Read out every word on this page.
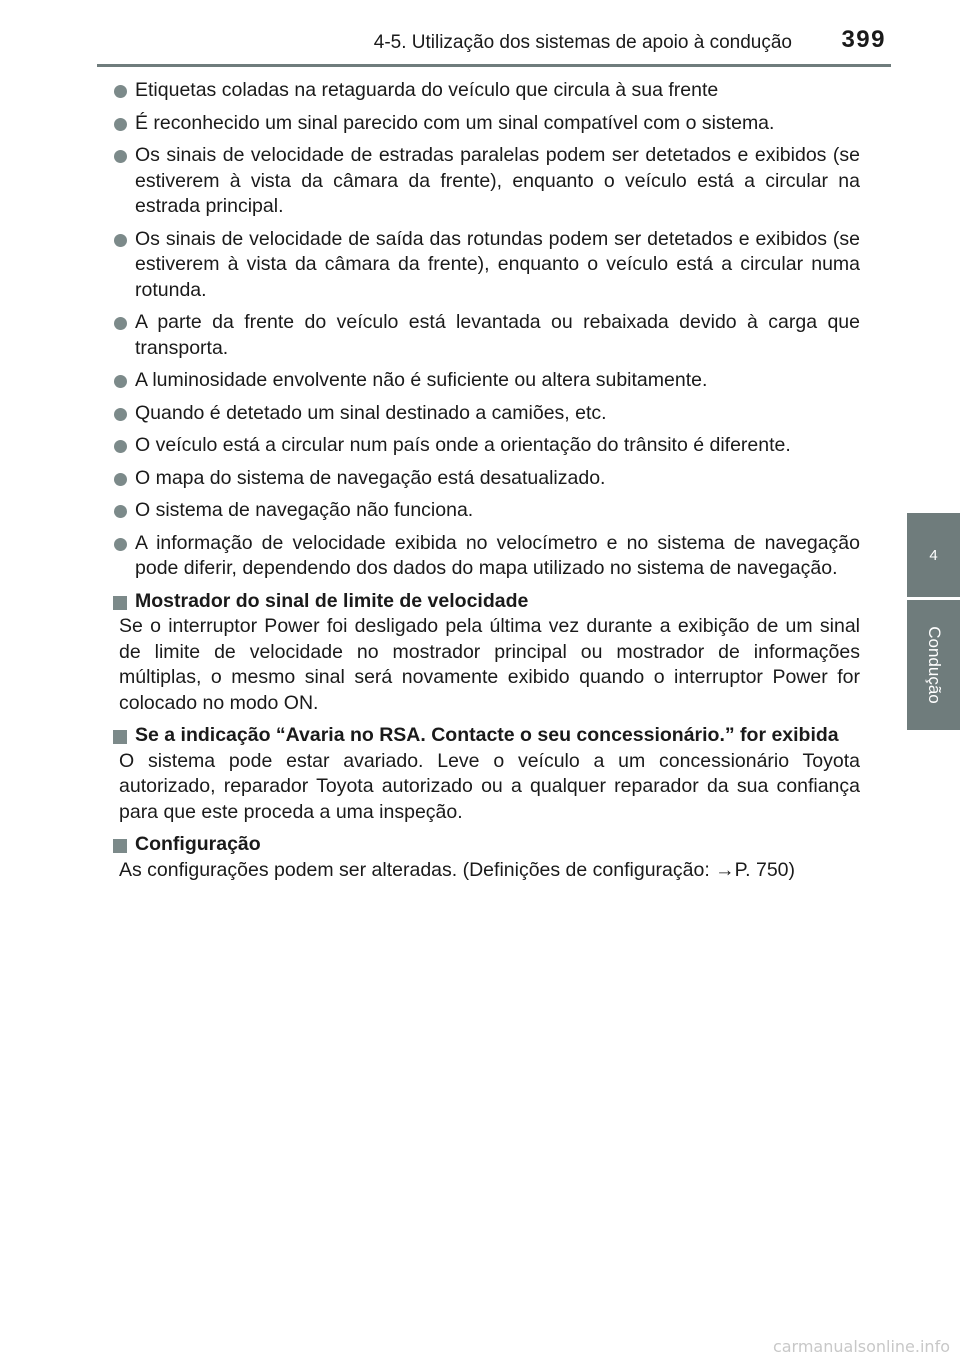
4-5. Utilização dos sistemas de apoio à condução 399
4
Condução
Etiquetas coladas na retaguarda do veículo que circula à sua frente
É reconhecido um sinal parecido com um sinal compatível com o sistema.
Os sinais de velocidade de estradas paralelas podem ser detetados e exibidos (se estiverem à vista da câmara da frente), enquanto o veículo está a circular na estrada principal.
Os sinais de velocidade de saída das rotundas podem ser detetados e exibidos (se estiverem à vista da câmara da frente), enquanto o veículo está a circular numa rotunda.
A parte da frente do veículo está levantada ou rebaixada devido à carga que transporta.
A luminosidade envolvente não é suficiente ou altera subitamente.
Quando é detetado um sinal destinado a camiões, etc.
O veículo está a circular num país onde a orientação do trânsito é diferente.
O mapa do sistema de navegação está desatualizado.
O sistema de navegação não funciona.
A informação de velocidade exibida no velocímetro e no sistema de navegação pode diferir, dependendo dos dados do mapa utilizado no sistema de navegação.
Mostrador do sinal de limite de velocidade
Se o interruptor Power foi desligado pela última vez durante a exibição de um sinal de limite de velocidade no mostrador principal ou mostrador de informações múltiplas, o mesmo sinal será novamente exibido quando o interruptor Power for colocado no modo ON.
Se a indicação “Avaria no RSA. Contacte o seu concessionário.” for exibida
O sistema pode estar avariado. Leve o veículo a um concessionário Toyota autorizado, reparador Toyota autorizado ou a qualquer reparador da sua confiança para que este proceda a uma inspeção.
Configuração
As configurações podem ser alteradas. (Definições de configuração: →P. 750)
carmanualsonline.info
